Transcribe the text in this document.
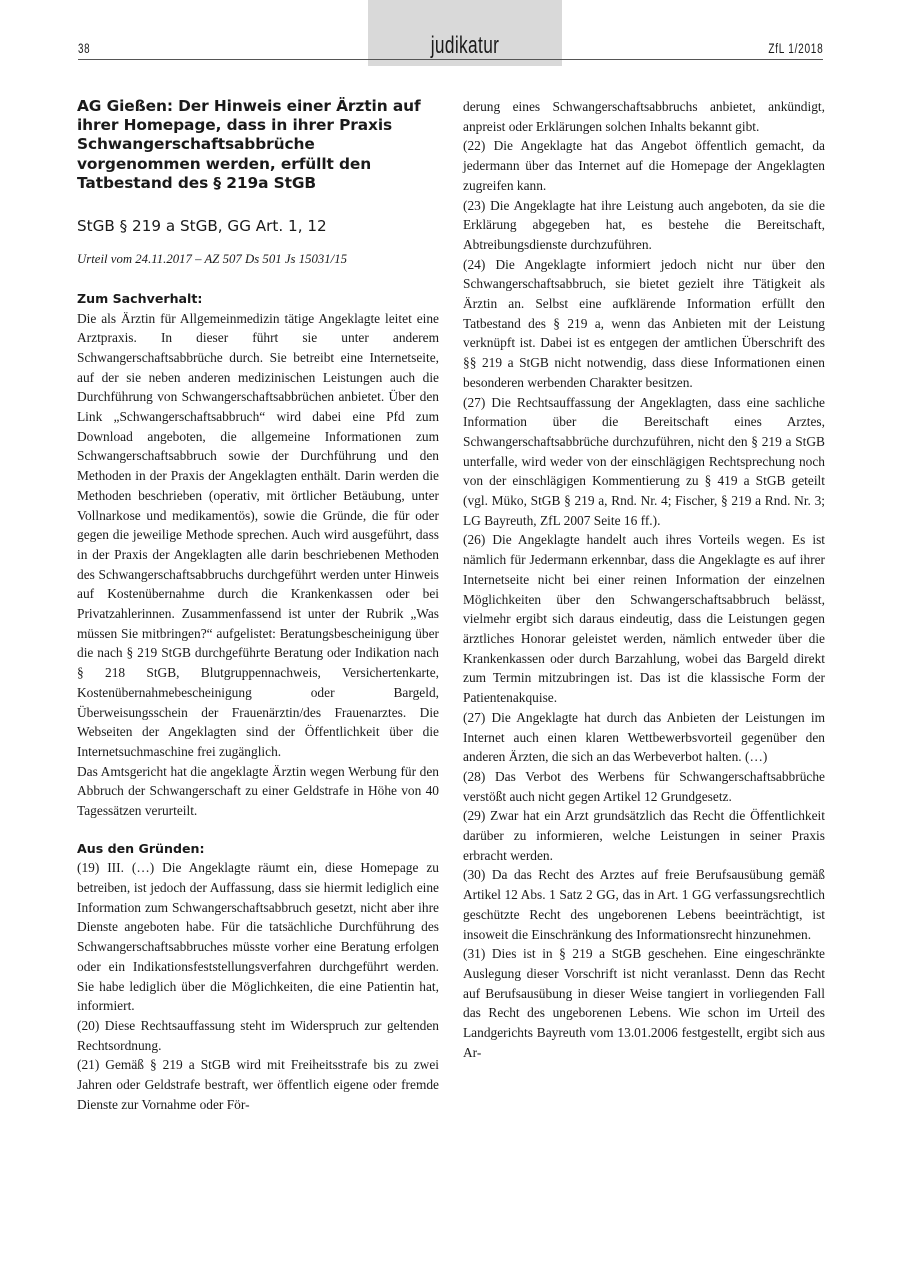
38	judikatur	ZfL 1/2018
AG Gießen: Der Hinweis einer Ärztin auf ihrer Homepage, dass in ihrer Praxis Schwangerschaftsabbrüche vorgenommen werden, erfüllt den Tatbestand des § 219a StGB
StGB § 219 a StGB, GG Art. 1, 12
Urteil vom 24.11.2017 – AZ 507 Ds 501 Js 15031/15
Zum Sachverhalt:

Die als Ärztin für Allgemeinmedizin tätige Angeklagte leitet eine Arztpraxis. In dieser führt sie unter anderem Schwangerschaftsabbrüche durch. Sie betreibt eine Internetseite, auf der sie neben anderen medizinischen Leistungen auch die Durchführung von Schwangerschaftsabbrüchen anbietet. Über den Link „Schwangerschaftsabbruch“ wird dabei eine Pfd zum Download angeboten, die allgemeine Informationen zum Schwangerschaftsabbruch sowie der Durchführung und den Methoden in der Praxis der Angeklagten enthält. Darin werden die Methoden beschrieben (operativ, mit örtlicher Betäubung, unter Vollnarkose und medikamentös), sowie die Gründe, die für oder gegen die jeweilige Methode sprechen. Auch wird ausgeführt, dass in der Praxis der Angeklagten alle darin beschriebenen Methoden des Schwangerschaftsabbruchs durchgeführt werden unter Hinweis auf Kostenübernahme durch die Krankenkassen oder bei Privatzahlerinnen. Zusammenfassend ist unter der Rubrik „Was müssen Sie mitbringen?“ aufgelistet: Beratungsbescheinigung über die nach § 219 StGB durchgeführte Beratung oder Indikation nach § 218 StGB, Blutgruppennachweis, Versichertenkarte, Kostenübernahmebescheinigung oder Bargeld, Überweisungsschein der Frauenärztin/des Frauenarztes. Die Webseiten der Angeklagten sind der Öffentlichkeit über die Internetsuchmaschine frei zugänglich.

Das Amtsgericht hat die angeklagte Ärztin wegen Werbung für den Abbruch der Schwangerschaft zu einer Geldstrafe in Höhe von 40 Tagessätzen verurteilt.

Aus den Gründen:

(19) III. (…) Die Angeklagte räumt ein, diese Homepage zu betreiben, ist jedoch der Auffassung, dass sie hiermit lediglich eine Information zum Schwangerschaftsabbruch gesetzt, nicht aber ihre Dienste angeboten habe. Für die tatsächliche Durchführung des Schwangerschaftsabbruches müsste vorher eine Beratung erfolgen oder ein Indikationsfeststellungsverfahren durchgeführt werden. Sie habe lediglich über die Möglichkeiten, die eine Patientin hat, informiert.

(20) Diese Rechtsauffassung steht im Widerspruch zur geltenden Rechtsordnung.

(21) Gemäß § 219 a StGB wird mit Freiheitsstrafe bis zu zwei Jahren oder Geldstrafe bestraft, wer öffentlich eigene oder fremde Dienste zur Vornahme oder För-

derung eines Schwangerschaftsabbruchs anbietet, ankündigt, anpreist oder Erklärungen solchen Inhalts bekannt gibt.

(22) Die Angeklagte hat das Angebot öffentlich gemacht, da jedermann über das Internet auf die Homepage der Angeklagten zugreifen kann.

(23) Die Angeklagte hat ihre Leistung auch angeboten, da sie die Erklärung abgegeben hat, es bestehe die Bereitschaft, Abtreibungsdienste durchzuführen.

(24) Die Angeklagte informiert jedoch nicht nur über den Schwangerschaftsabbruch, sie bietet gezielt ihre Tätigkeit als Ärztin an. Selbst eine aufklärende Information erfüllt den Tatbestand des § 219 a, wenn das Anbieten mit der Leistung verknüpft ist. Dabei ist es entgegen der amtlichen Überschrift des §§ 219 a StGB nicht notwendig, dass diese Informationen einen besonderen werbenden Charakter besitzen.

(27) Die Rechtsauffassung der Angeklagten, dass eine sachliche Information über die Bereitschaft eines Arztes, Schwangerschaftsabbrüche durchzuführen, nicht den § 219 a StGB unterfalle, wird weder von der einschlägigen Rechtsprechung noch von der einschlägigen Kommentierung zu § 419 a StGB geteilt (vgl. Müko, StGB § 219 a, Rnd. Nr. 4; Fischer, § 219 a Rnd. Nr. 3; LG Bayreuth, ZfL 2007 Seite 16 ff.).

(26) Die Angeklagte handelt auch ihres Vorteils wegen. Es ist nämlich für Jedermann erkennbar, dass die Angeklagte es auf ihrer Internetseite nicht bei einer reinen Information der einzelnen Möglichkeiten über den Schwangerschaftsabbruch belässt, vielmehr ergibt sich daraus eindeutig, dass die Leistungen gegen ärztliches Honorar geleistet werden, nämlich entweder über die Krankenkassen oder durch Barzahlung, wobei das Bargeld direkt zum Termin mitzubringen ist. Das ist die klassische Form der Patientenakquise.

(27) Die Angeklagte hat durch das Anbieten der Leistungen im Internet auch einen klaren Wettbewerbsvorteil gegenüber den anderen Ärzten, die sich an das Werbeverbot halten. (…)

(28) Das Verbot des Werbens für Schwangerschaftsabbrüche verstößt auch nicht gegen Artikel 12 Grundgesetz.

(29) Zwar hat ein Arzt grundsätzlich das Recht die Öffentlichkeit darüber zu informieren, welche Leistungen in seiner Praxis erbracht werden.

(30) Da das Recht des Arztes auf freie Berufsausübung gemäß Artikel 12 Abs. 1 Satz 2 GG, das in Art. 1 GG verfassungsrechtlich geschützte Recht des ungeborenen Lebens beeinträchtigt, ist insoweit die Einschränkung des Informationsrecht hinzunehmen.

(31) Dies ist in § 219 a StGB geschehen. Eine eingeschränkte Auslegung dieser Vorschrift ist nicht veranlasst. Denn das Recht auf Berufsausübung in dieser Weise tangiert in vorliegenden Fall das Recht des ungeborenen Lebens. Wie schon im Urteil des Landgerichts Bayreuth vom 13.01.2006 festgestellt, ergibt sich aus Ar-
